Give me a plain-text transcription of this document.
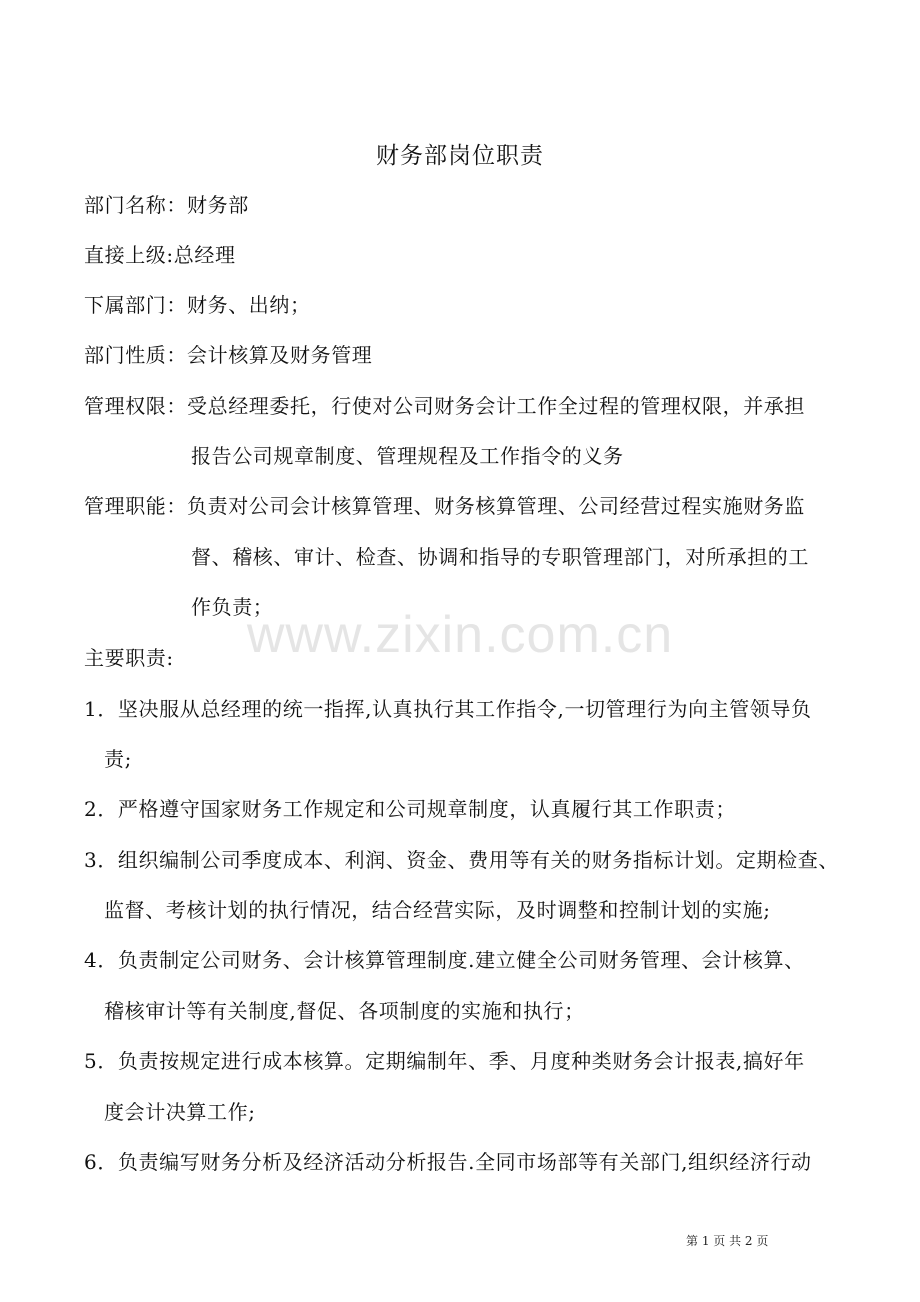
财务部岗位职责
部门名称：财务部
直接上级:总经理
下属部门：财务、出纳；
部门性质：会计核算及财务管理
管理权限：受总经理委托，行使对公司财务会计工作全过程的管理权限，并承担
报告公司规章制度、管理规程及工作指令的义务
管理职能：负责对公司会计核算管理、财务核算管理、公司经营过程实施财务监
督、稽核、审计、检查、协调和指导的专职管理部门，对所承担的工
作负责；
主要职责:
1．坚决服从总经理的统一指挥,认真执行其工作指令,一切管理行为向主管领导负
责;
2．严格遵守国家财务工作规定和公司规章制度，认真履行其工作职责；
3．组织编制公司季度成本、利润、资金、费用等有关的财务指标计划。定期检查、
监督、考核计划的执行情况，结合经营实际，及时调整和控制计划的实施;
4．负责制定公司财务、会计核算管理制度.建立健全公司财务管理、会计核算、
稽核审计等有关制度,督促、各项制度的实施和执行；
5．负责按规定进行成本核算。定期编制年、季、月度种类财务会计报表,搞好年
度会计决算工作;
6．负责编写财务分析及经济活动分析报告.全同市场部等有关部门,组织经济行动
www.zixin.com.cn
第 1 页 共 2 页
